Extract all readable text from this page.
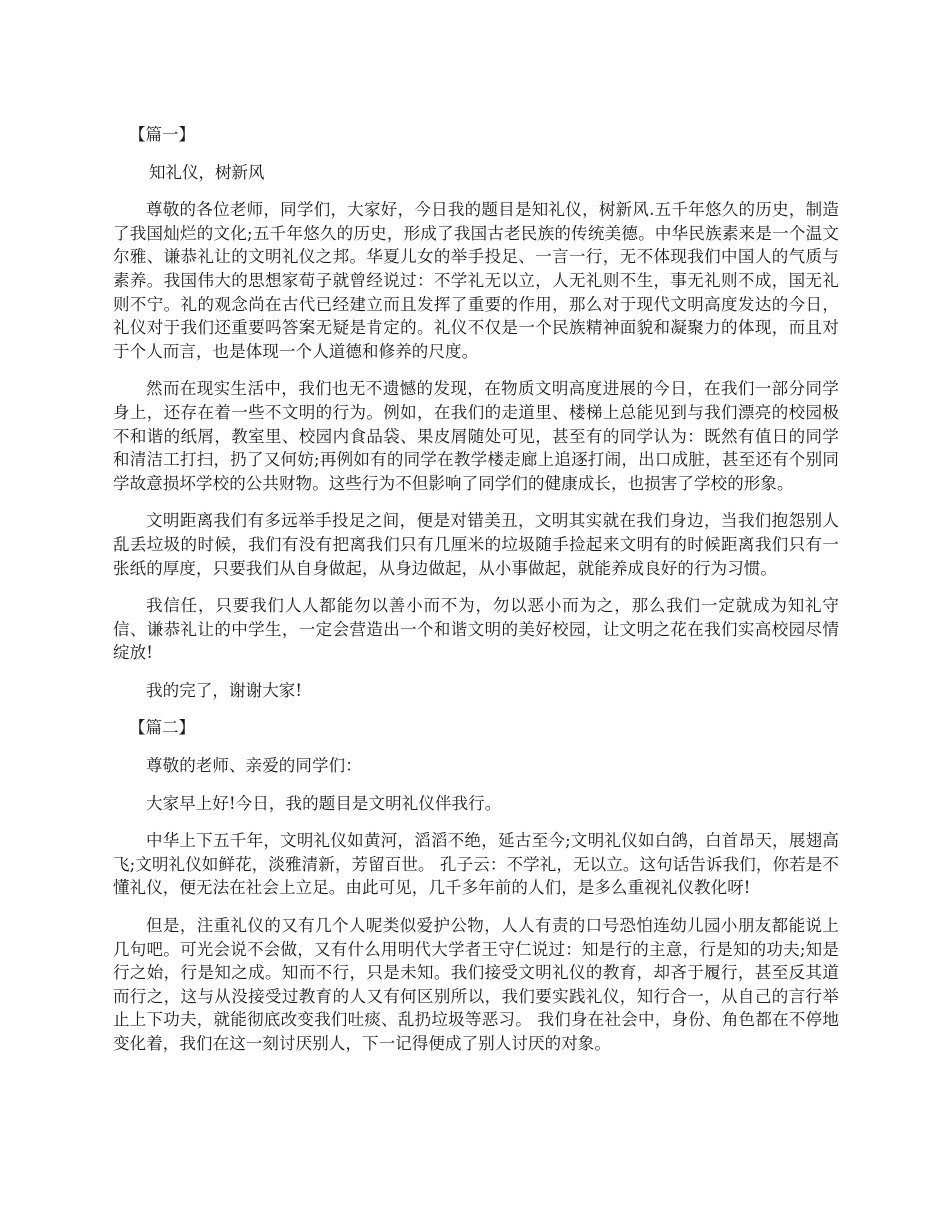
【篇一】
知礼仪，树新风

尊敬的各位老师，同学们，大家好，今日我的题目是知礼仪，树新风.五千年悠久的历史，制造了我国灿烂的文化;五千年悠久的历史，形成了我国古老民族的传统美德。中华民族素来是一个温文尔雅、谦恭礼让的文明礼仪之邦。华夏儿女的举手投足、一言一行，无不体现我们中国人的气质与素养。我国伟大的思想家荀子就曾经说过：不学礼无以立，人无礼则不生，事无礼则不成，国无礼则不宁。礼的观念尚在古代已经建立而且发挥了重要的作用，那么对于现代文明高度发达的今日，礼仪对于我们还重要吗答案无疑是肯定的。礼仪不仅是一个民族精神面貌和凝聚力的体现，而且对于个人而言，也是体现一个人道德和修养的尺度。

然而在现实生活中，我们也无不遗憾的发现，在物质文明高度进展的今日，在我们一部分同学身上，还存在着一些不文明的行为。例如，在我们的走道里、楼梯上总能见到与我们漂亮的校园极不和谐的纸屑，教室里、校园内食品袋、果皮屑随处可见，甚至有的同学认为：既然有值日的同学和清洁工打扫，扔了又何妨;再例如有的同学在教学楼走廊上追逐打闹，出口成脏，甚至还有个别同学故意损坏学校的公共财物。这些行为不但影响了同学们的健康成长，也损害了学校的形象。

文明距离我们有多远举手投足之间，便是对错美丑，文明其实就在我们身边，当我们抱怨别人乱丢垃圾的时候，我们有没有把离我们只有几厘米的垃圾随手捡起来文明有的时候距离我们只有一张纸的厚度，只要我们从自身做起，从身边做起，从小事做起，就能养成良好的行为习惯。

我信任，只要我们人人都能勿以善小而不为，勿以恶小而为之，那么我们一定就成为知礼守信、谦恭礼让的中学生，一定会营造出一个和谐文明的美好校园，让文明之花在我们实高校园尽情绽放!

我的完了，谢谢大家!

【篇二】

尊敬的老师、亲爱的同学们：

大家早上好!今日，我的题目是文明礼仪伴我行。

中华上下五千年，文明礼仪如黄河，滔滔不绝，延古至今;文明礼仪如白鸽，白首昂天，展翅高飞;文明礼仪如鲜花，淡雅清新，芳留百世。 孔子云：不学礼，无以立。这句话告诉我们，你若是不懂礼仪，便无法在社会上立足。由此可见，几千多年前的人们，是多么重视礼仪教化呀!

但是，注重礼仪的又有几个人呢类似爱护公物，人人有责的口号恐怕连幼儿园小朋友都能说上几句吧。可光会说不会做，又有什么用明代大学者王守仁说过：知是行的主意，行是知的功夫;知是行之始，行是知之成。知而不行，只是未知。我们接受文明礼仪的教育，却吝于履行，甚至反其道而行之，这与从没接受过教育的人又有何区别所以，我们要实践礼仪，知行合一，从自己的言行举止上下功夫，就能彻底改变我们吐痰、乱扔垃圾等恶习。 我们身在社会中，身份、角色都在不停地变化着，我们在这一刻讨厌别人，下一记得便成了别人讨厌的对象。
